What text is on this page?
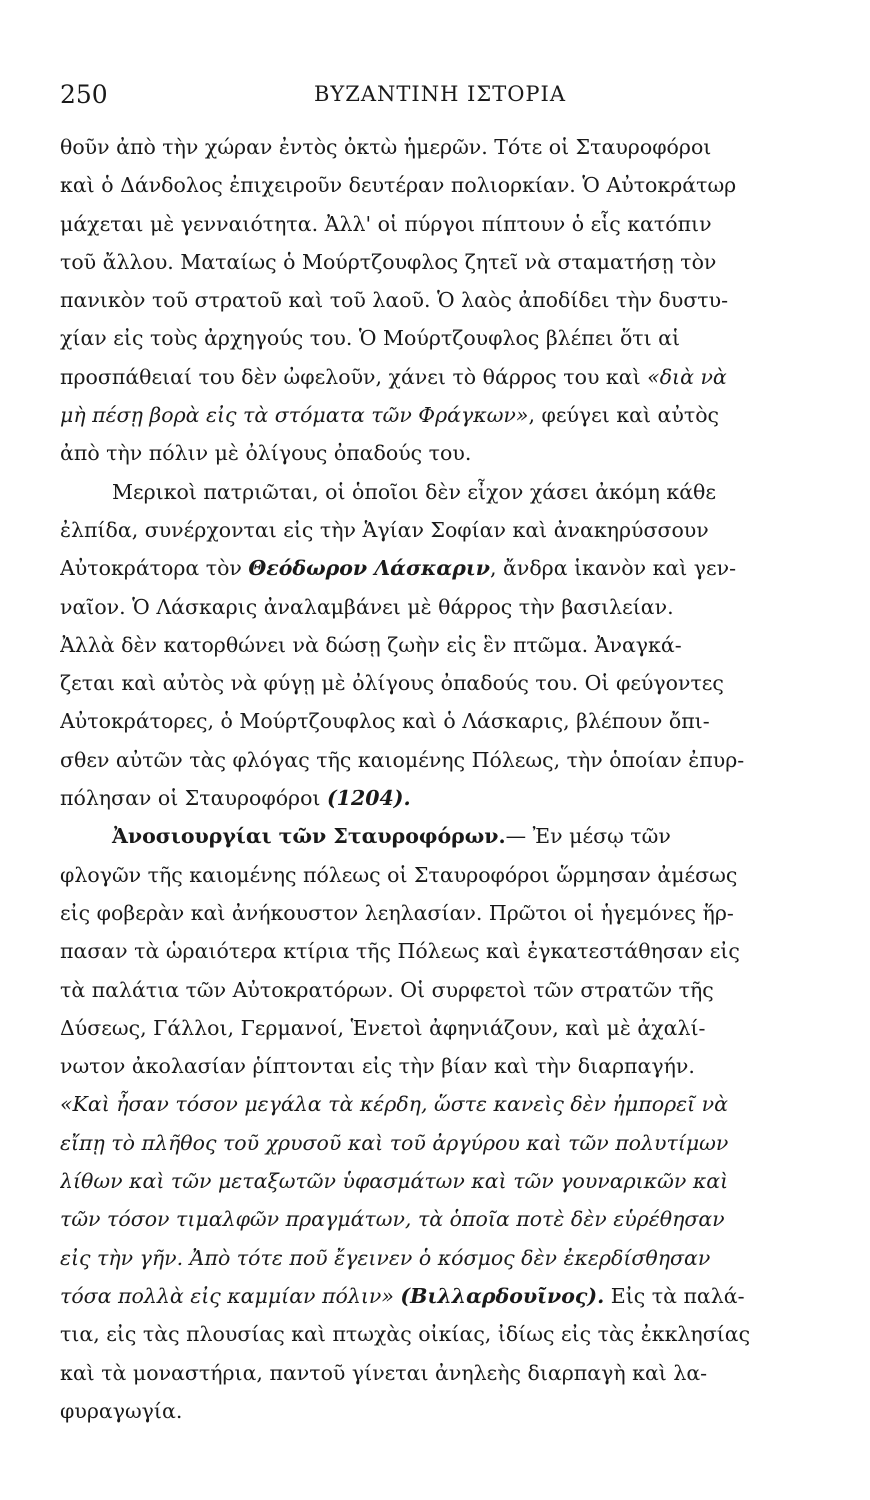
250	ΒΥΖΑΝΤΙΝΗ ΙΣΤΟΡΙΑ
θοῦν ἀπὸ τὴν χώραν ἐντὸς ὀκτὼ ἡμερῶν. Τότε οἱ Σταυροφόροι
καὶ ὁ Δάνδολος ἐπιχειροῦν δευτέραν πολιορκίαν. Ὁ Αὐτοκράτωρ
μάχεται μὲ γενναιότητα. Ἀλλ' οἱ πύργοι πίπτουν ὁ εἷς κατόπιν
τοῦ ἄλλου. Ματαίως ὁ Μούρτζουφλος ζητεῖ νὰ σταματήσῃ τὸν
πανικὸν τοῦ στρατοῦ καὶ τοῦ λαοῦ. Ὁ λαὸς ἀποδίδει τὴν δυστυ-
χίαν εἰς τοὺς ἀρχηγούς του. Ὁ Μούρτζουφλος βλέπει ὅτι αἱ
προσπάθειαί του δὲν ὠφελοῦν, χάνει τὸ θάρρος του καὶ «διὰ νὰ
μὴ πέσῃ βορὰ εἰς τὰ στόματα τῶν Φράγκων», φεύγει καὶ αὐτὸς
ἀπὸ τὴν πόλιν μὲ ὀλίγους ὀπαδούς του.
Μερικοὶ πατριῶται, οἱ ὁποῖοι δὲν εἶχον χάσει ἀκόμη κάθε
ἐλπίδα, συνέρχονται εἰς τὴν Ἁγίαν Σοφίαν καὶ ἀνακηρύσσουν
Αὐτοκράτορα τὸν Θεόδωρον Λάσκαριν, ἄνδρα ἱκανὸν καὶ γεν-
ναῖον. Ὁ Λάσκαρις ἀναλαμβάνει μὲ θάρρος τὴν βασιλείαν.
Ἀλλὰ δὲν κατορθώνει νὰ δώσῃ ζωὴν εἰς ἓν πτῶμα. Ἀναγκά-
ζεται καὶ αὐτὸς νὰ φύγῃ μὲ ὀλίγους ὀπαδούς του. Οἱ φεύγοντες
Αὐτοκράτορες, ὁ Μούρτζουφλος καὶ ὁ Λάσκαρις, βλέπουν ὄπι-
σθεν αὐτῶν τὰς φλόγας τῆς καιομένης Πόλεως, τὴν ὁποίαν ἐπυρ-
πόλησαν οἱ Σταυροφόροι (1204).
Ἀνοσιουργίαι τῶν Σταυροφόρων.— Ἐν μέσῳ τῶν
φλογῶν τῆς καιομένης πόλεως οἱ Σταυροφόροι ὥρμησαν ἀμέσως
εἰς φοβερὰν καὶ ἀνήκουστον λεηλασίαν. Πρῶτοι οἱ ἡγεμόνες ἥρ-
πασαν τὰ ὡραιότερα κτίρια τῆς Πόλεως καὶ ἐγκατεστάθησαν εἰς
τὰ παλάτια τῶν Αὐτοκρατόρων. Οἱ συρφετοὶ τῶν στρατῶν τῆς
Δύσεως, Γάλλοι, Γερμανοί, Ἑνετοὶ ἀφηνιάζουν, καὶ μὲ ἀχαλί-
νωτον ἀκολασίαν ῥίπτονται εἰς τὴν βίαν καὶ τὴν διαρπαγήν.
«Καὶ ἦσαν τόσον μεγάλα τὰ κέρδη, ὥστε κανεὶς δὲν ἠμπορεῖ νὰ
εἴπῃ τὸ πλῆθος τοῦ χρυσοῦ καὶ τοῦ ἀργύρου καὶ τῶν πολυτίμων
λίθων καὶ τῶν μεταξωτῶν ὑφασμάτων καὶ τῶν γουναρικῶν καὶ
τῶν τόσον τιμαλφῶν πραγμάτων, τὰ ὁποῖα ποτὲ δὲν εὑρέθησαν
εἰς τὴν γῆν. Ἀπὸ τότε ποῦ ἔγεινεν ὁ κόσμος δὲν ἐκερδίσθησαν
τόσα πολλὰ εἰς καμμίαν πόλιν» (Βιλλαρδουῖνος). Εἰς τὰ παλά-
τια, εἰς τὰς πλουσίας καὶ πτωχὰς οἰκίας, ἰδίως εἰς τὰς ἐκκλησίας
καὶ τὰ μοναστήρια, παντοῦ γίνεται ἀνηλεὴς διαρπαγὴ καὶ λα-
φυραγωγία.
